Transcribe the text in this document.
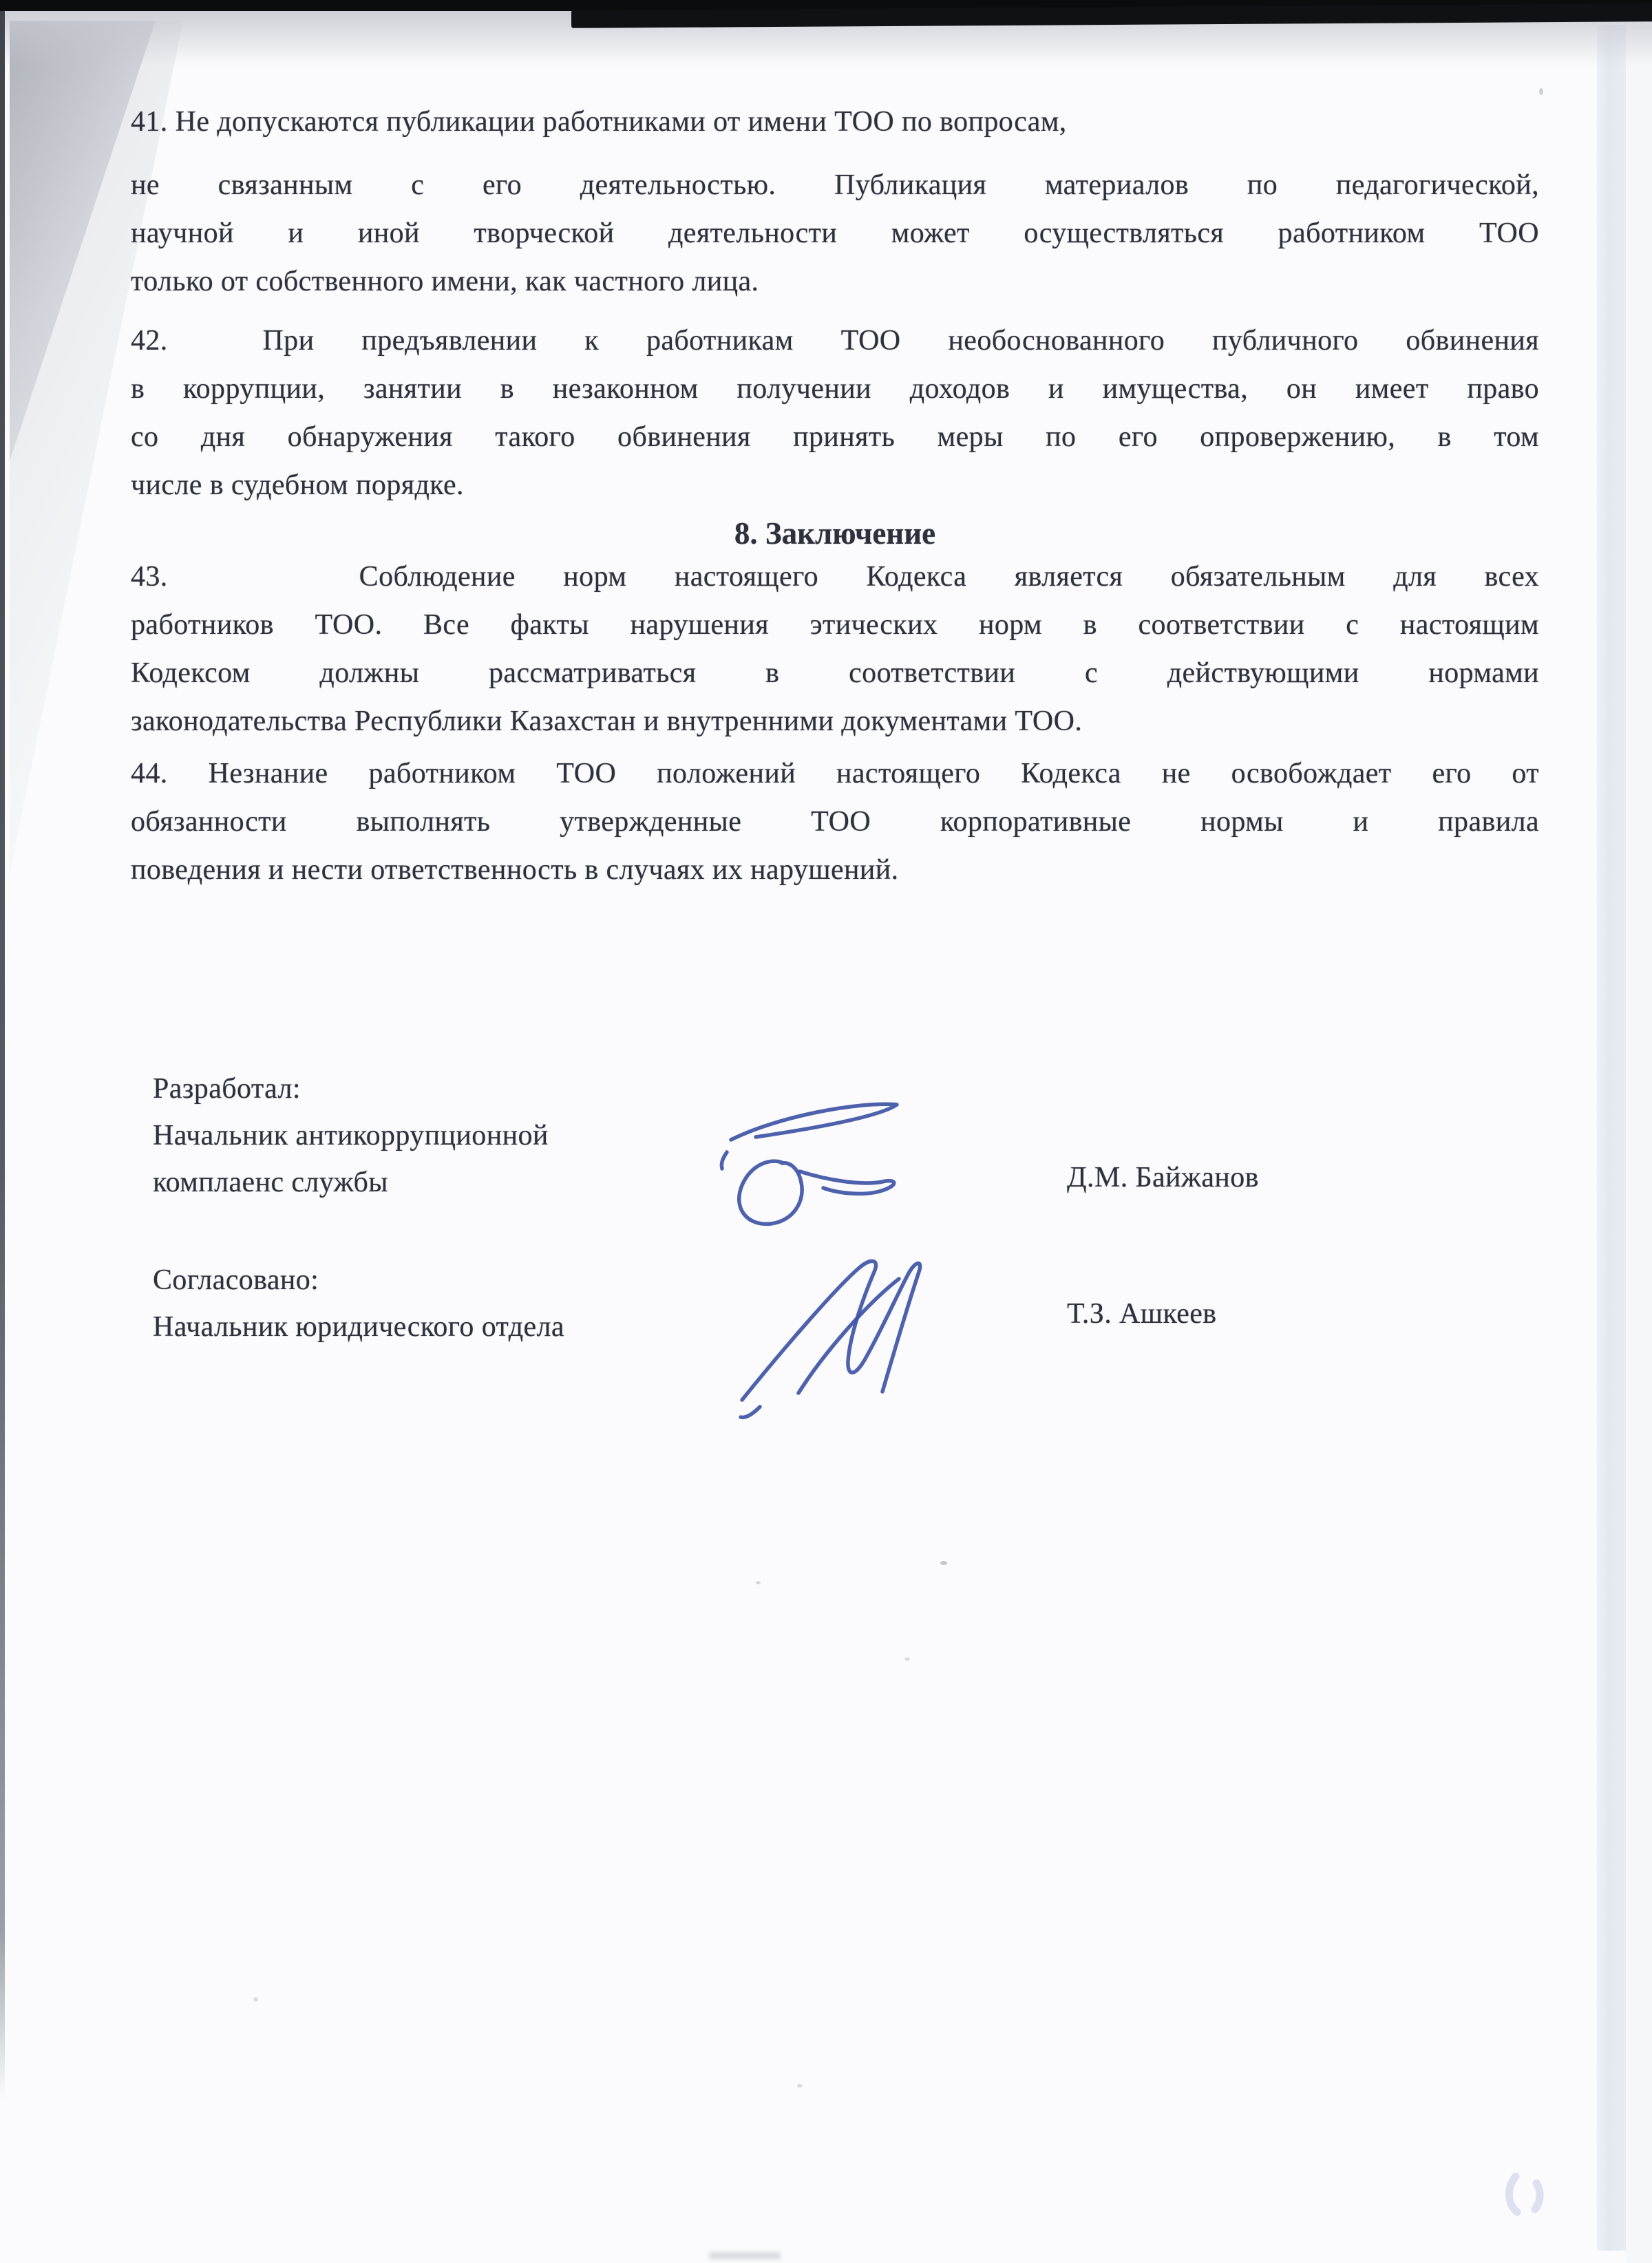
41. Не допускаются публикации работниками от имени ТОО по вопросам,
не связанным с его деятельностью. Публикация материалов по педагогической,
научной и иной творческой деятельности может осуществляться работником ТОО
только от собственного имени, как частного лица.
42.  При предъявлении к работникам ТОО необоснованного публичного обвинения
в коррупции, занятии в незаконном получении доходов и имущества, он имеет право
со дня обнаружения такого обвинения принять меры по его опровержению, в том
числе в судебном порядке.
8. Заключение
43.    Соблюдение норм настоящего Кодекса является обязательным для всех
работников ТОО. Все факты нарушения этических норм в соответствии с настоящим
Кодексом должны рассматриваться в соответствии с действующими нормами
законодательства Республики Казахстан и внутренними документами ТОО.
44. Незнание работником ТОО положений настоящего Кодекса не освобождает его от
обязанности выполнять утвержденные ТОО корпоративные нормы и правила
поведения и нести ответственность в случаях их нарушений.
Разработал:
Начальник антикоррупционной
комплаенс службы	Д.М. Байжанов
Согласовано:
Начальник юридического отдела	Т.З. Ашкеев
